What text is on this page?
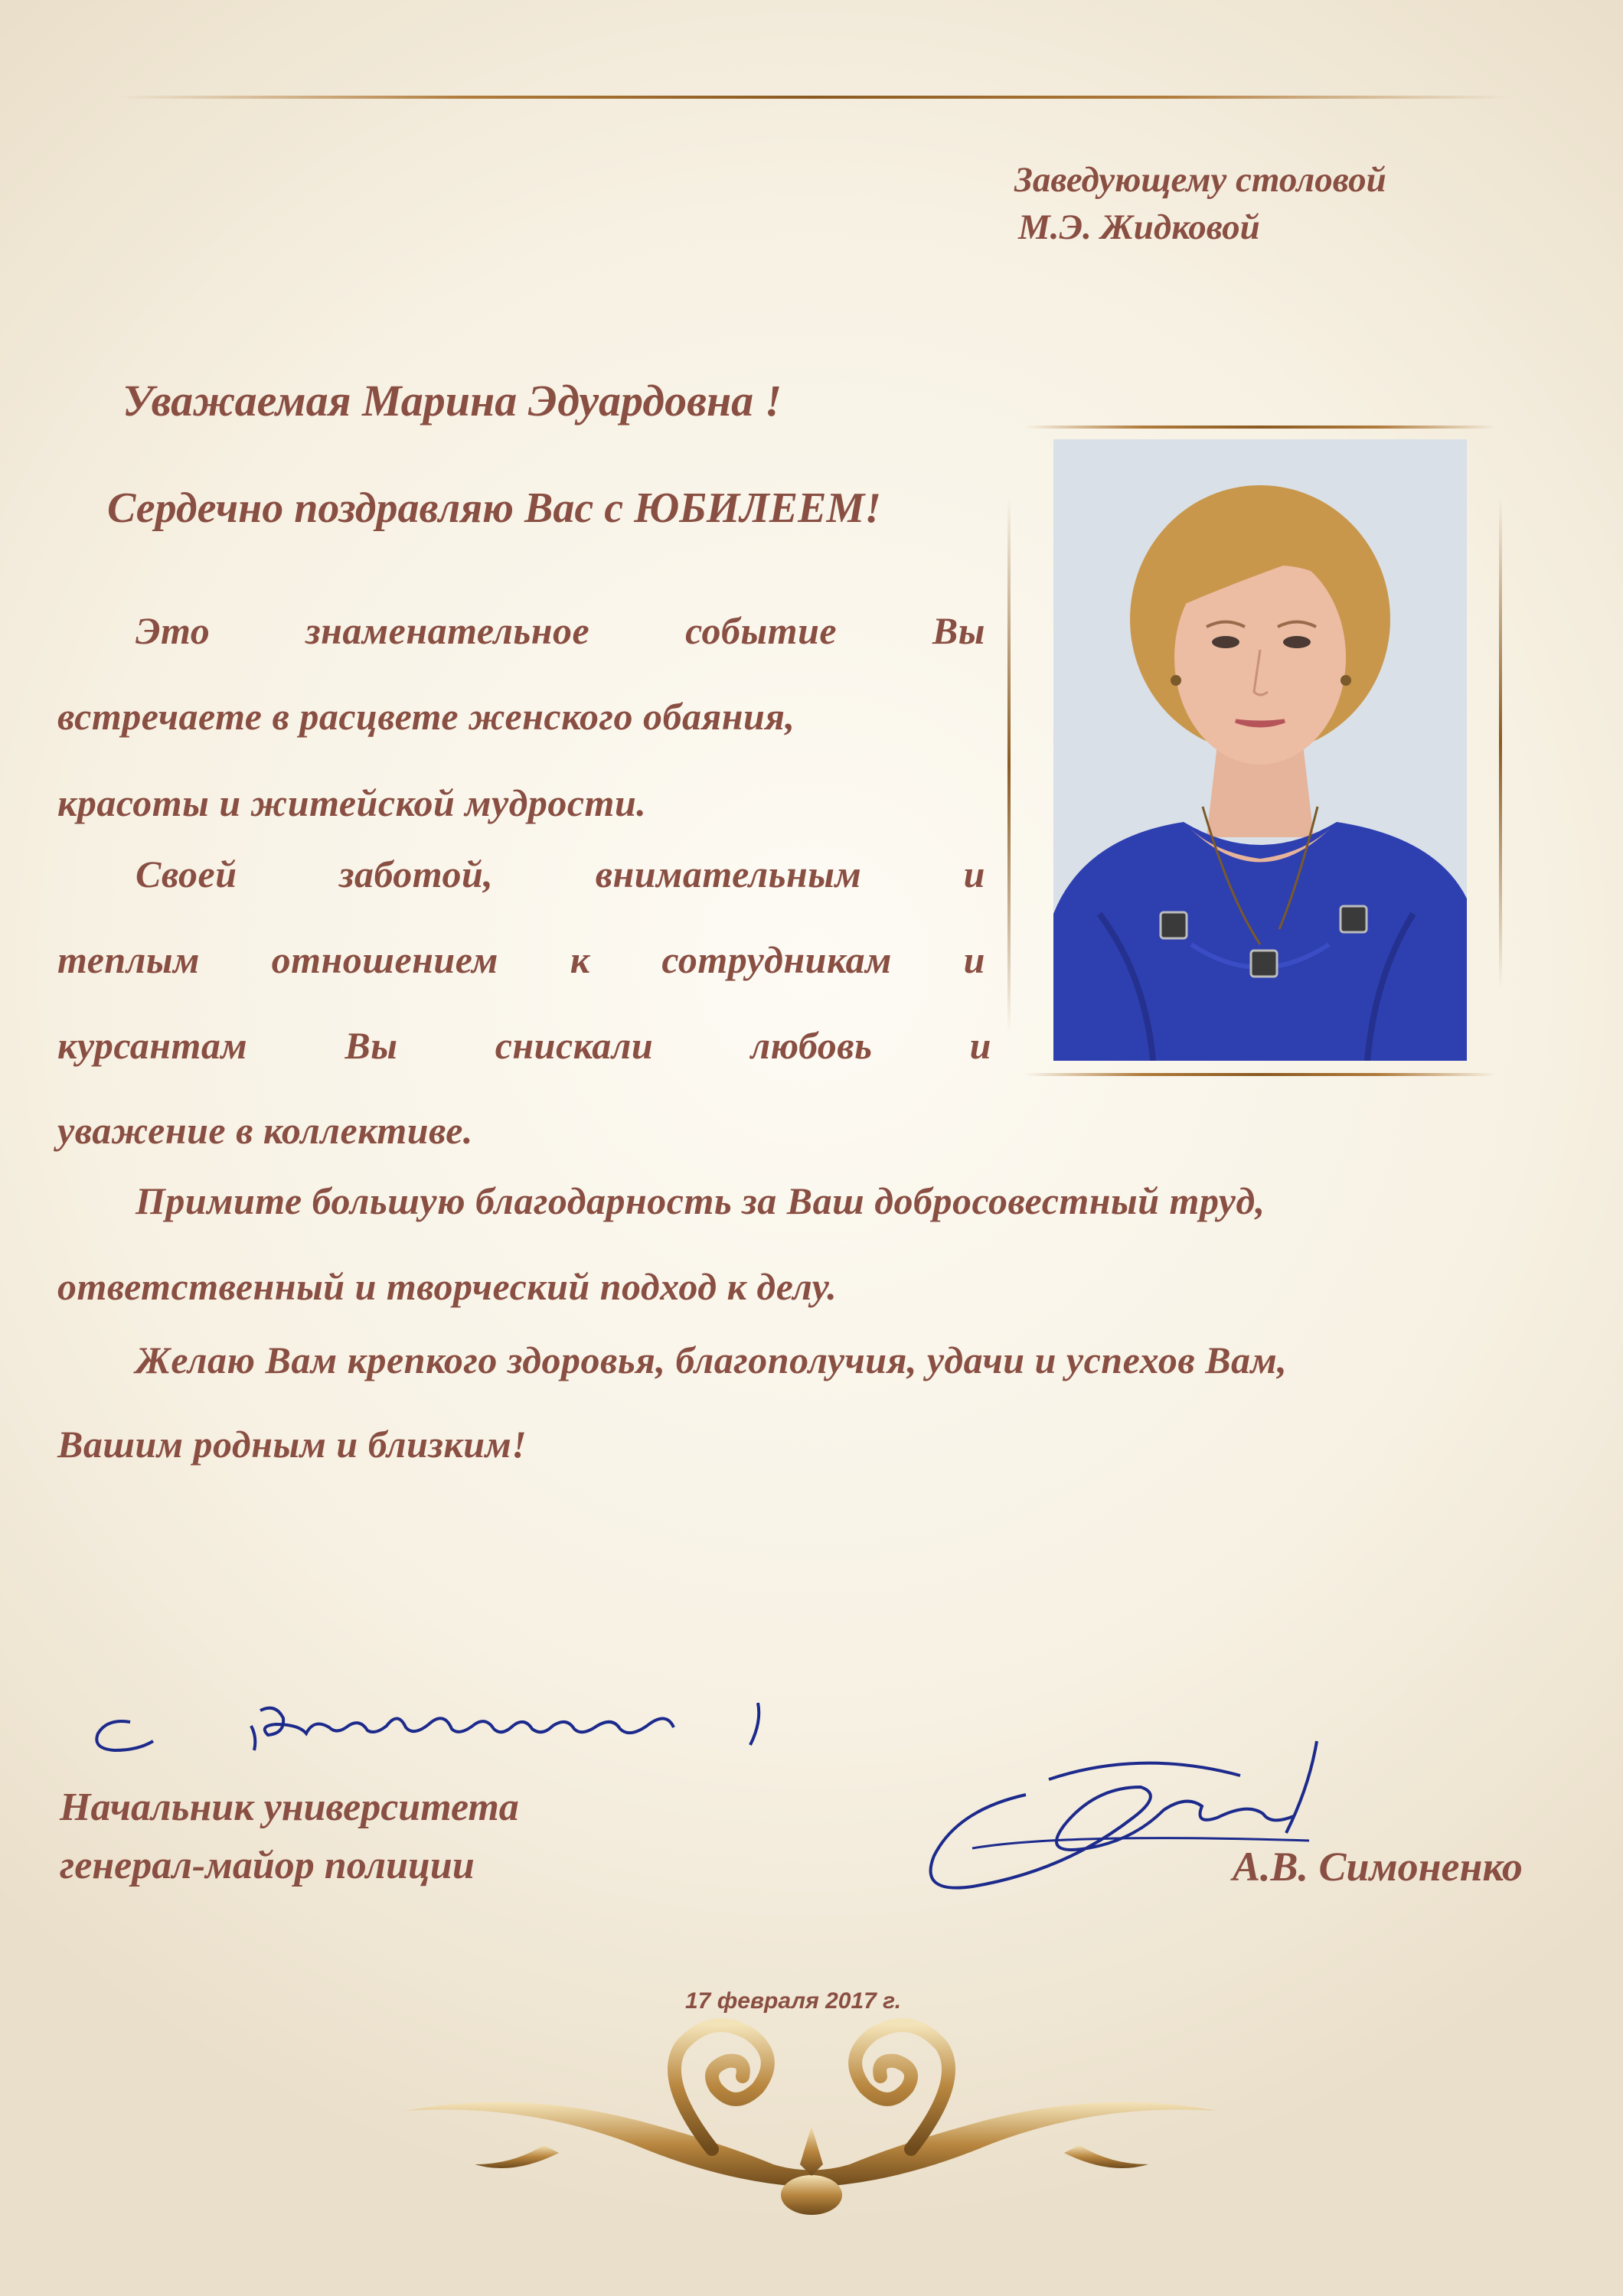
Заведующему столовой
М.Э. Жидковой
Уважаемая Марина Эдуардовна !
Сердечно поздравляю Вас с ЮБИЛЕЕМ!
Это знаменательное событие Вы
встречаете в расцвете женского обаяния,
красоты и житейской мудрости.
Своей	заботой,	внимательным	и
теплым отношением к сотрудникам и
курсантам	Вы	снискали	любовь	и
уважение в коллективе.
Примите большую благодарность за Ваш добросовестный труд,
ответственный и творческий подход к делу.
Желаю Вам крепкого здоровья, благополучия, удачи и успехов Вам,
Вашим родным и близким!
Начальник университета
генерал-майор полиции	А.В. Симоненко
17 февраля 2017 г.
